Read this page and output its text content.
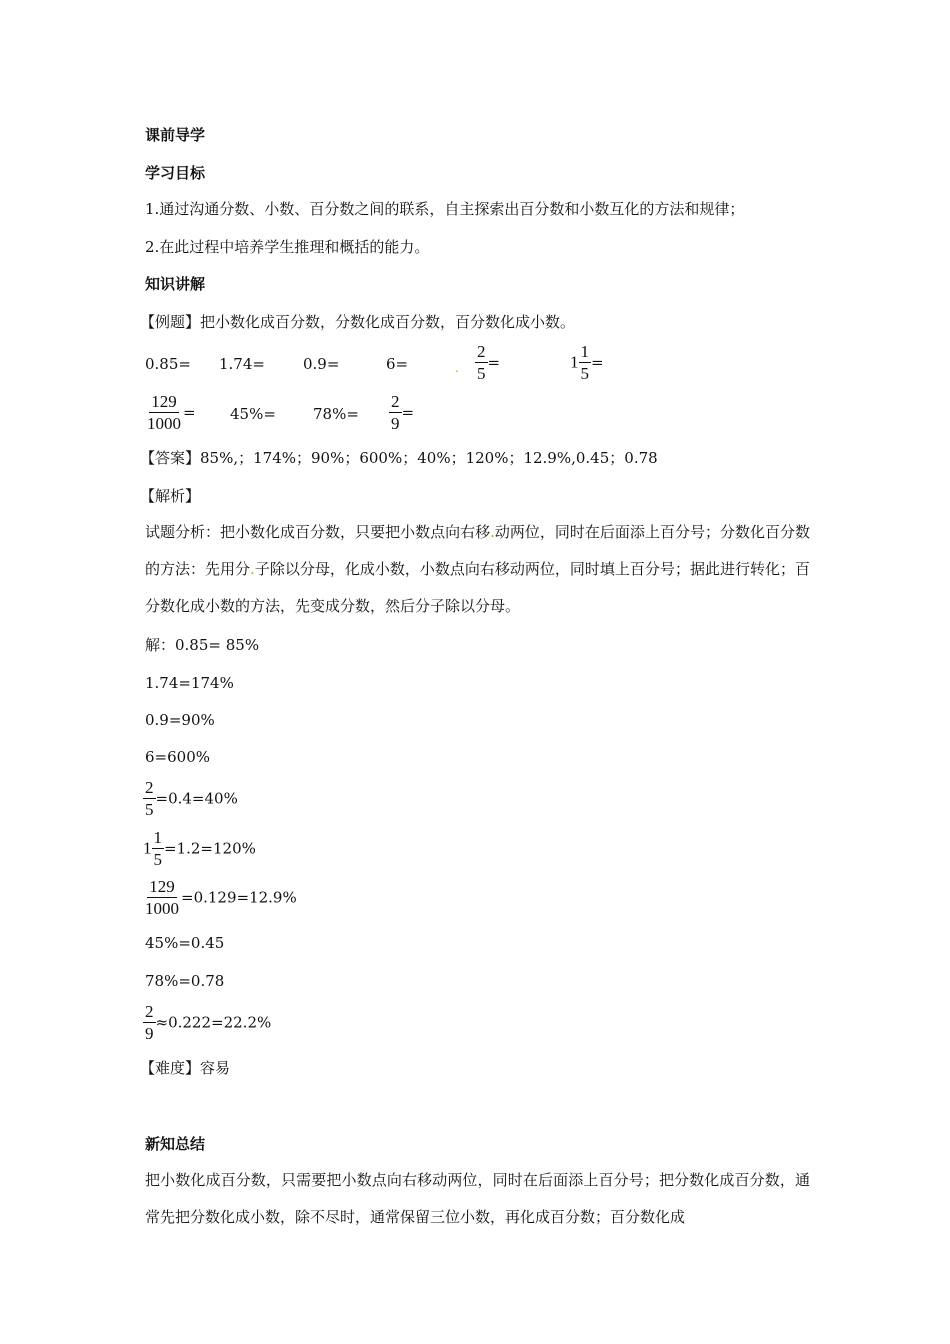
课前导学
学习目标
1.通过沟通分数、小数、百分数之间的联系，自主探索出百分数和小数互化的方法和规律；
2.在此过程中培养学生推理和概括的能力。
知识讲解
【例题】把小数化成百分数，分数化成百分数，百分数化成小数。
0.85= 1.74=	0.9=	6=	. $\frac{2}{5}$ =	$1 \frac{1}{5}$ =
$\frac{129}{1000} = 45\%= 78\%= \frac{2}{9}$ =
【答案】85%,；174%；90%；600%；40%；120%；12.9%,0.45；0.78
【解析】
试题分析：把小数化成百分数，只要把小数点向右移.动两位，同时在后面添上百分号；分数化百分数的方法：先用分.子除以分母，化成小数，小数点向右移动两位，同时填上百分号；据此进行转化；百分数化成小数的方法，先变成分数，然后分子除以分母。
解：0.85= 85%
1.74=174%
0.9=90%
6=600%
$\frac{2}{5} =0.4=40\%$
$1 \frac{1}{5} =1.2=120\%$
$\frac{129}{1000} =0.129=12.9\%$
45%=0.45
78%=0.78
$\frac{2}{9} \approx 0.222=22.2\%$
【难度】容易
新知总结
把小数化成百分数，只需要把小数点向右移动两位，同时在后面添上百分号；把分数化成百分数，通常先把分数化成小数，除不尽时，通常保留三位小数，再化成百分数；百分数化成
